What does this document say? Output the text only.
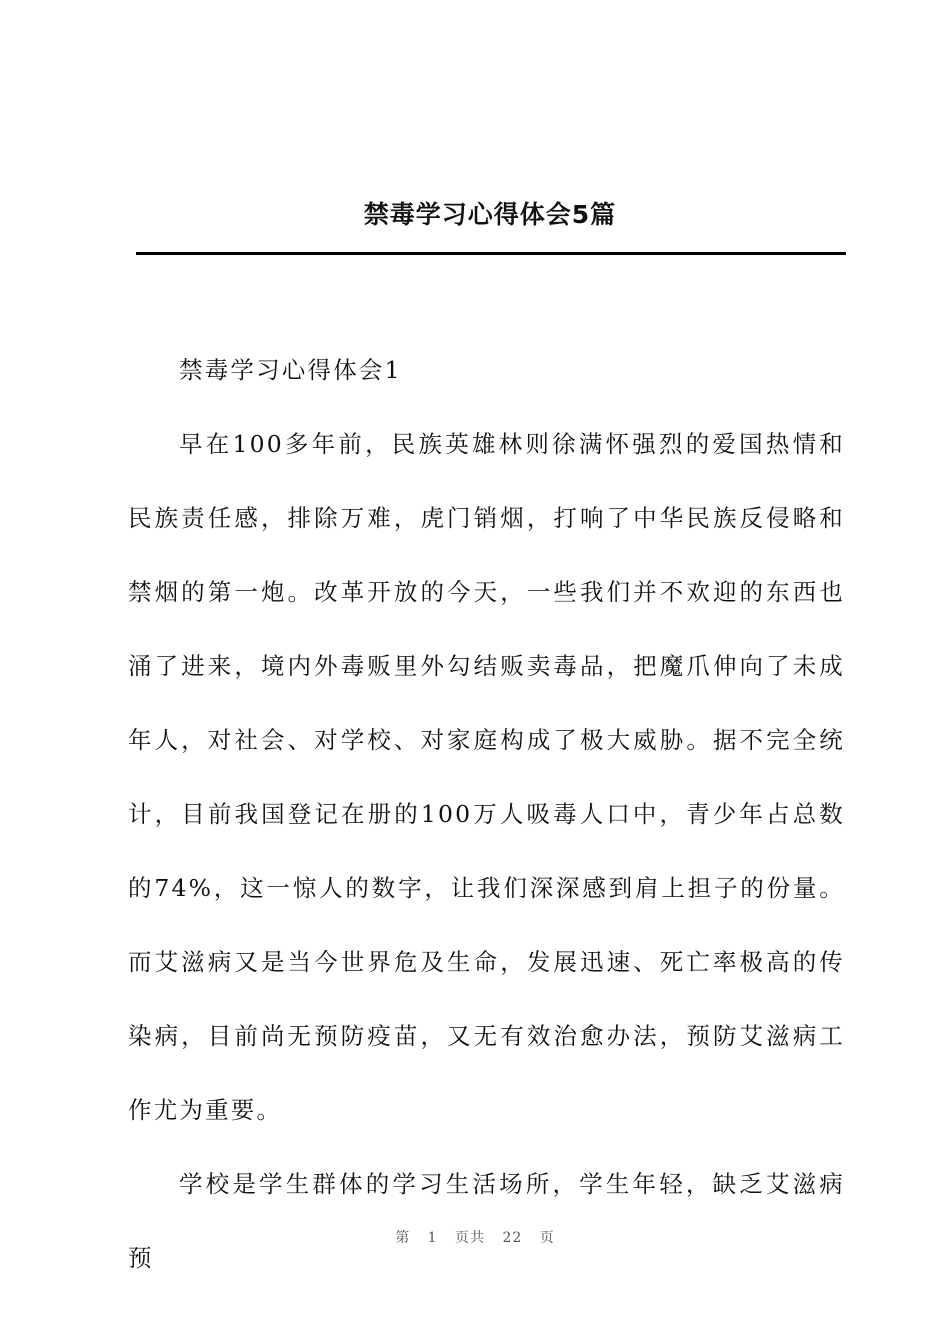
禁毒学习心得体会5篇

禁毒学习心得体会1

早在100多年前，民族英雄林则徐满怀强烈的爱国热情和民族责任感，排除万难，虎门销烟，打响了中华民族反侵略和禁烟的第一炮。改革开放的今天，一些我们并不欢迎的东西也涌了进来，境内外毒贩里外勾结贩卖毒品，把魔爪伸向了未成年人，对社会、对学校、对家庭构成了极大威胁。据不完全统计，目前我国登记在册的100万人吸毒人口中，青少年占总数的74%，这一惊人的数字，让我们深深感到肩上担子的份量。而艾滋病又是当今世界危及生命，发展迅速、死亡率极高的传染病，目前尚无预防疫苗，又无有效治愈办法，预防艾滋病工作尤为重要。

学校是学生群体的学习生活场所，学生年轻，缺乏艾滋病预

第 1 页共 22 页
